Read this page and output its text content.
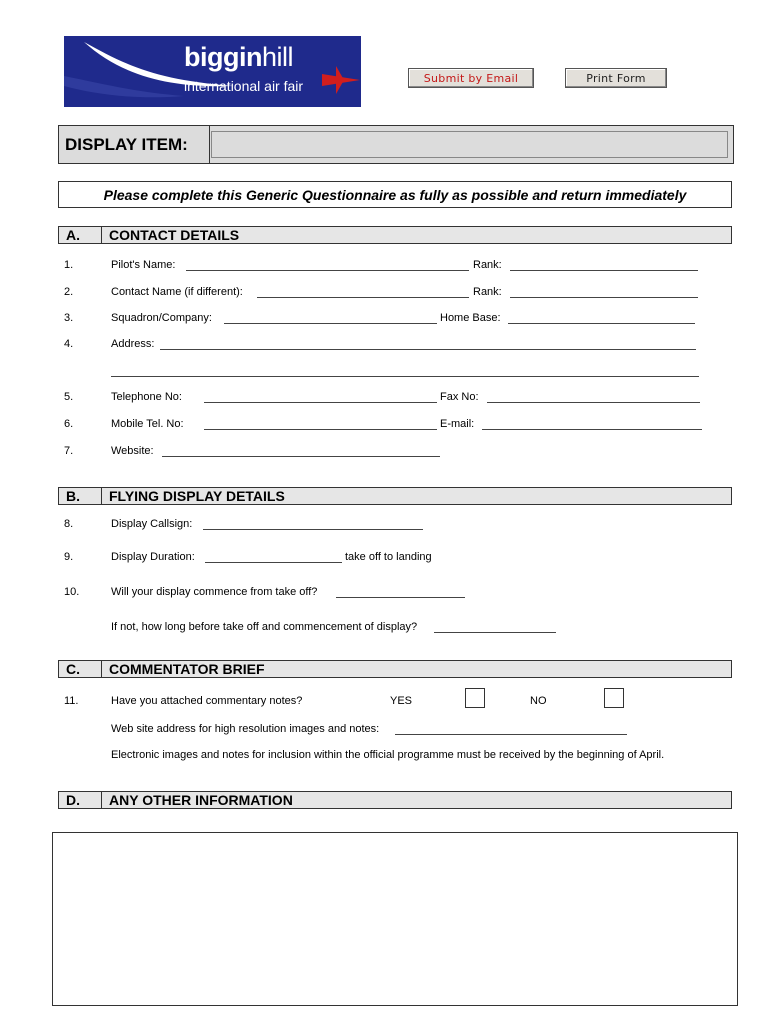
bigginhill
international air fair	Submit by Email	Print Form
DISPLAY ITEM:
Please complete this Generic Questionnaire as fully as possible and return immediately
A.	CONTACT DETAILS
1.	Pilot's Name:	Rank:
2.	Contact Name (if different):	Rank:
3.	Squadron/Company:	Home Base:
4.	Address:
5.	Telephone No:	Fax No:
6.	Mobile Tel. No:	E-mail:
7.	Website:
B.	FLYING DISPLAY DETAILS
8.	Display Callsign:
9.	Display Duration:	take off to landing
10.	Will your display commence from take off?
If not, how long before take off and commencement of display?
C.	COMMENTATOR BRIEF
11.	Have you attached commentary notes?	YES	NO
Web site address for high resolution images and notes:
Electronic images and notes for inclusion within the official programme must be received by the beginning of April.
D.	ANY OTHER INFORMATION
